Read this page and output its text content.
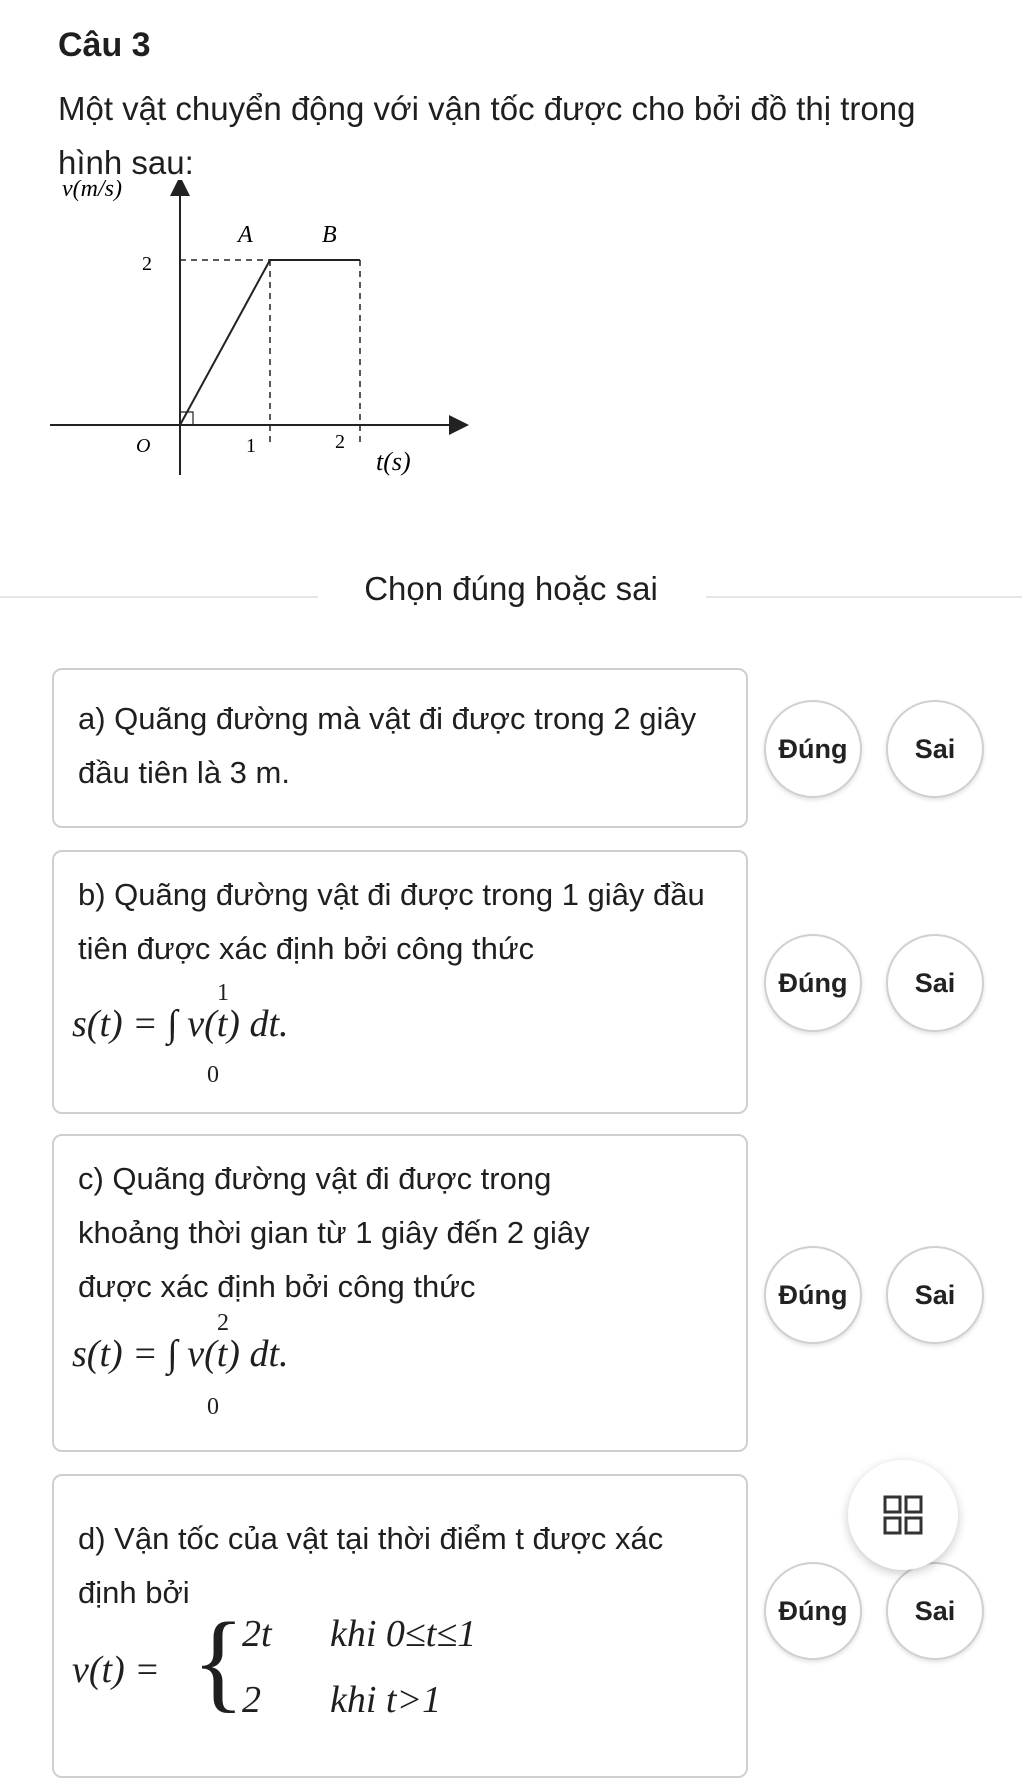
Câu 3
Một vật chuyển động với vận tốc được cho bởi đồ thị trong hình sau:
v(m/s)
2
A	B
O	1	2
t(s)
Chọn đúng hoặc sai
a) Quãng đường mà vật đi được trong 2 giây đầu tiên là 3 m.
Đúng	Sai
b) Quãng đường vật đi được trong 1 giây đầu tiên được xác định bởi công thức
s(t) = ∫ v(t) dt.
1
0
Đúng	Sai
c) Quãng đường vật đi được trong khoảng thời gian từ 1 giây đến 2 giây được xác định bởi công thức
s(t) = ∫ v(t) dt.
2
0
Đúng	Sai
d) Vận tốc của vật tại thời điểm t được xác định bởi
v(t) = {
2t khi 0≤t≤1
2 khi t>1
Đúng	Sai
